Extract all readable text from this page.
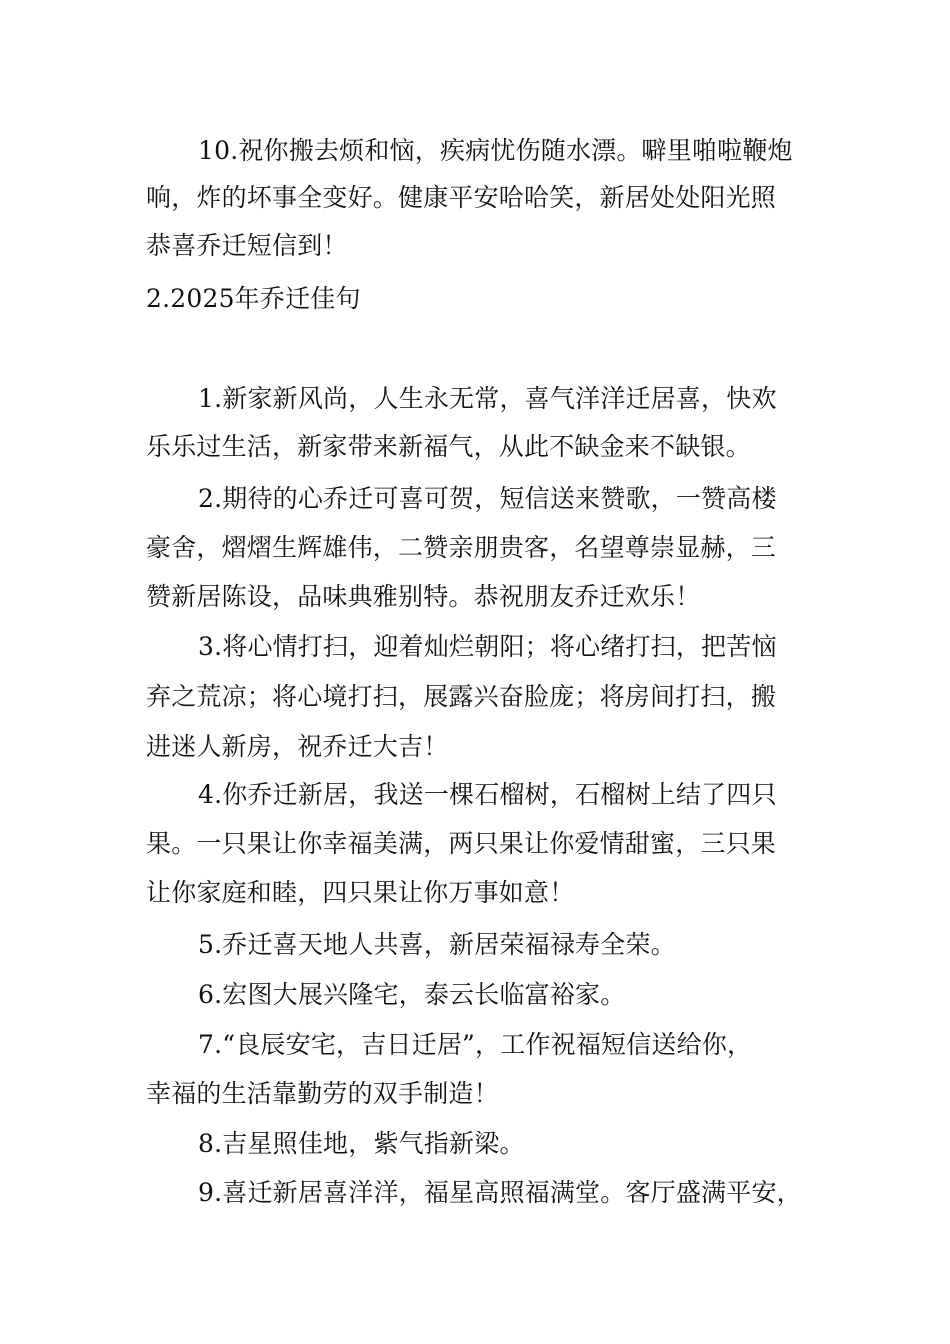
10.祝你搬去烦和恼，疾病忧伤随水漂。噼里啪啦鞭炮
响，炸的坏事全变好。健康平安哈哈笑，新居处处阳光照
恭喜乔迁短信到！
2.2025年乔迁佳句
1.新家新风尚，人生永无常，喜气洋洋迁居喜，快欢
乐乐过生活，新家带来新福气，从此不缺金来不缺银。
2.期待的心乔迁可喜可贺，短信送来赞歌，一赞高楼
豪舍，熠熠生辉雄伟，二赞亲朋贵客，名望尊崇显赫，三
赞新居陈设，品味典雅别特。恭祝朋友乔迁欢乐！
3.将心情打扫，迎着灿烂朝阳；将心绪打扫，把苦恼
弃之荒凉；将心境打扫，展露兴奋脸庞；将房间打扫，搬
进迷人新房，祝乔迁大吉！
4.你乔迁新居，我送一棵石榴树，石榴树上结了四只
果。一只果让你幸福美满，两只果让你爱情甜蜜，三只果
让你家庭和睦，四只果让你万事如意！
5.乔迁喜天地人共喜，新居荣福禄寿全荣。
6.宏图大展兴隆宅，泰云长临富裕家。
7.“良辰安宅，吉日迁居”，工作祝福短信送给你，
幸福的生活靠勤劳的双手制造！
8.吉星照佳地，紫气指新梁。
9.喜迁新居喜洋洋，福星高照福满堂。客厅盛满平安，
